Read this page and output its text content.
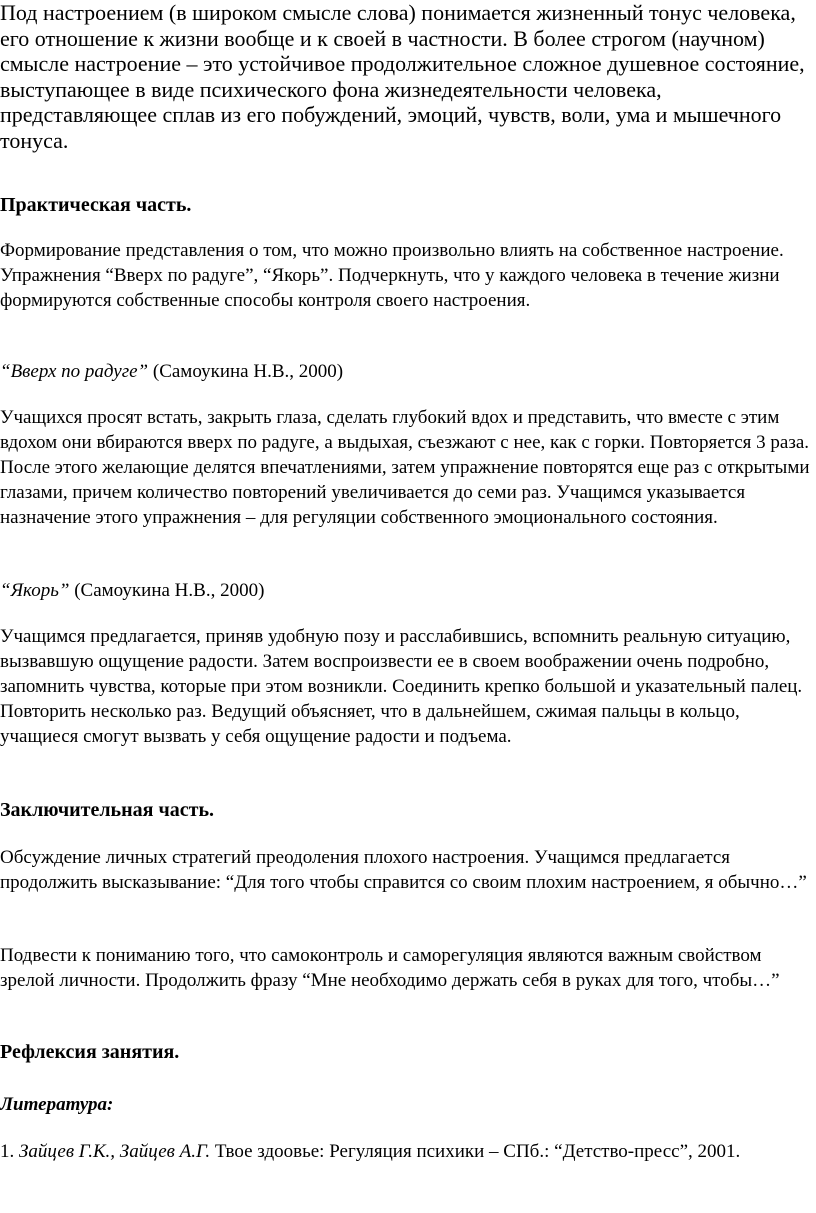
Под настроением (в широком смысле слова) понимается жизненный тонус человека, его отношение к жизни вообще и к своей в частности. В более строгом (научном) смысле настроение – это устойчивое продолжительное сложное душевное состояние, выступающее в виде психического фона жизнедеятельности человека, представляющее сплав из его побуждений, эмоций, чувств, воли, ума и мышечного тонуса.

Практическая часть.

Формирование представления о том, что можно произвольно влиять на собственное настроение. Упражнения “Вверх по радуге”, “Якорь”. Подчеркнуть, что у каждого человека в течение жизни формируются собственные способы контроля своего настроения.

“Вверх по радуге” (Самоукина Н.В., 2000)

Учащихся просят встать, закрыть глаза, сделать глубокий вдох и представить, что вместе с этим вдохом они вбираются вверх по радуге, а выдыхая, съезжают с нее, как с горки. Повторяется 3 раза. После этого желающие делятся впечатлениями, затем упражнение повторятся еще раз с открытыми глазами, причем количество повторений увеличивается до семи раз. Учащимся указывается назначение этого упражнения – для регуляции собственного эмоционального состояния.

“Якорь” (Самоукина Н.В., 2000)

Учащимся предлагается, приняв удобную позу и расслабившись, вспомнить реальную ситуацию, вызвавшую ощущение радости. Затем воспроизвести ее в своем воображении очень подробно, запомнить чувства, которые при этом возникли. Соединить крепко большой и указательный палец. Повторить несколько раз. Ведущий объясняет, что в дальнейшем, сжимая пальцы в кольцо, учащиеся смогут вызвать у себя ощущение радости и подъема.

Заключительная часть.

Обсуждение личных стратегий преодоления плохого настроения. Учащимся предлагается продолжить высказывание: “Для того чтобы справится со своим плохим настроением, я обычно…”

Подвести к пониманию того, что самоконтроль и саморегуляция являются важным свойством зрелой личности. Продолжить фразу “Мне необходимо держать себя в руках для того, чтобы…”

Рефлексия занятия.
Литература:

1. Зайцев Г.К., Зайцев А.Г. Твое здоовье: Регуляция психики – СПб.: “Детство-пресс”, 2001.
